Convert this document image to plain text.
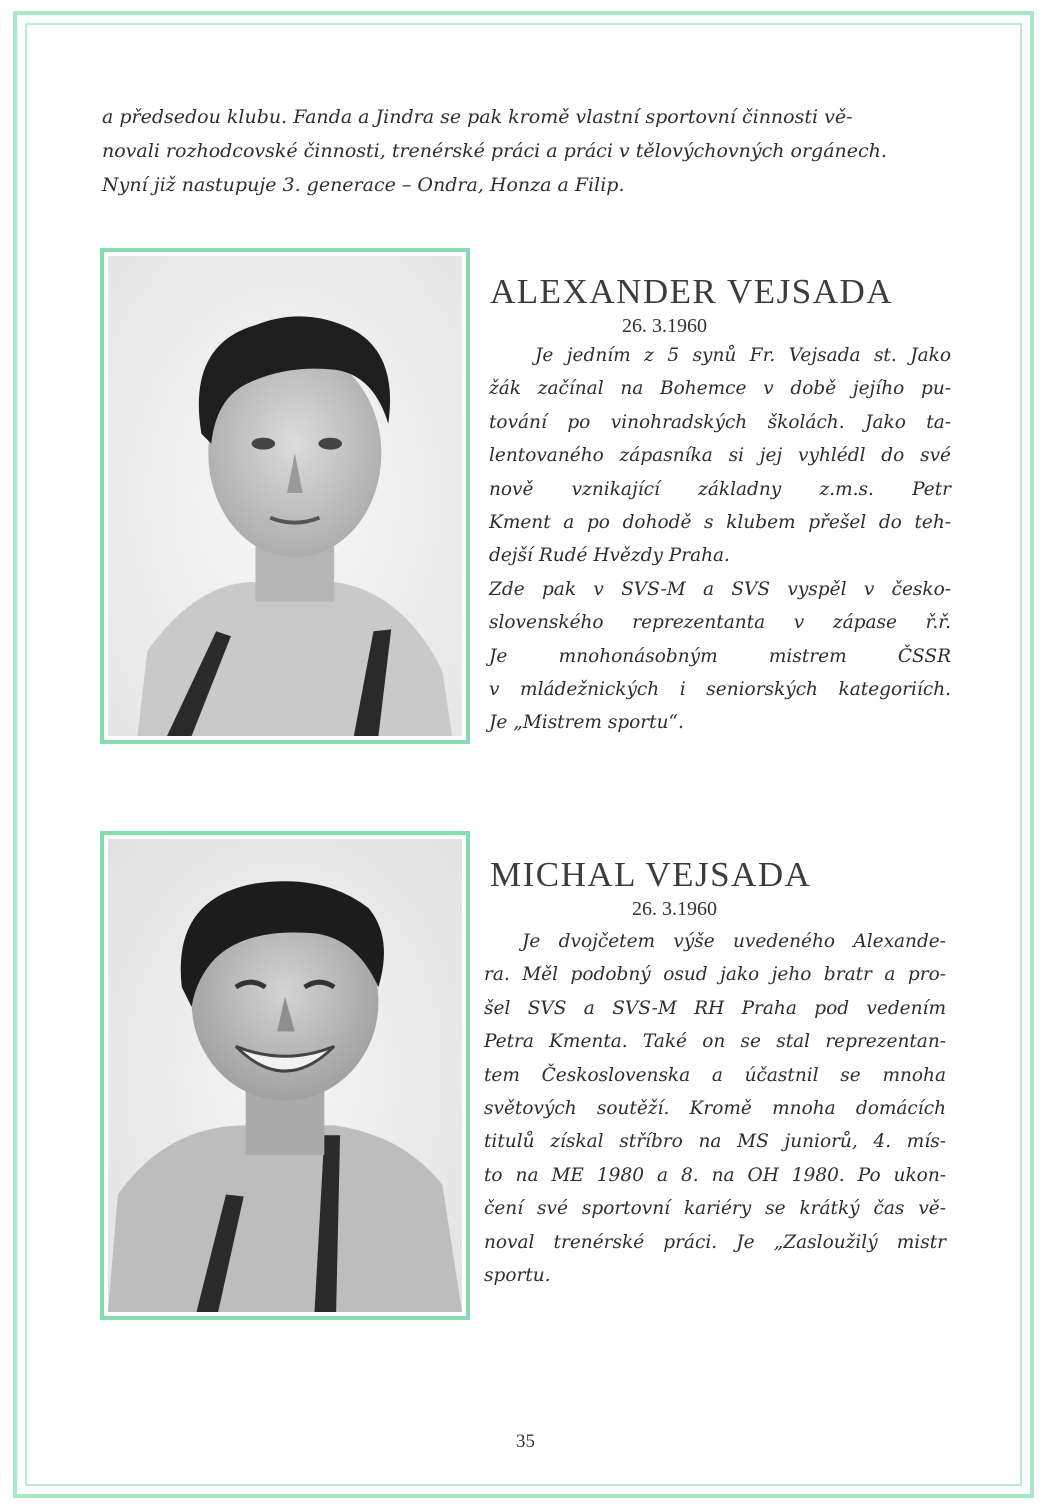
a předsedou klubu. Fanda a Jindra se pak kromě vlastní sportovní činnosti vě-

novali rozhodcovské činnosti, trenérské práci a práci v tělovýchovných orgánech.

Nyní již nastupuje 3. generace – Ondra, Honza a Filip.

ALEXANDER VEJSADA
26. 3.1960

Je jedním z 5 synů Fr. Vejsada st. Jako

žák začínal na Bohemce v době jejího pu-

tování po vinohradských školách. Jako ta-

lentovaného zápasníka si jej vyhlédl do své

nově vznikající základny z.m.s. Petr

Kment a po dohodě s klubem přešel do teh-

dejší Rudé Hvězdy Praha.

Zde pak v SVS-M a SVS vyspěl v česko-

slovenského reprezentanta v zápase ř.ř.

Je mnohonásobným mistrem ČSSR

v mládežnických i seniorských kategoriích.

Je „Mistrem sportu“.

MICHAL VEJSADA
26. 3.1960

Je dvojčetem výše uvedeného Alexande-

ra. Měl podobný osud jako jeho bratr a pro-

šel SVS a SVS-M RH Praha pod vedením

Petra Kmenta. Také on se stal reprezentan-

tem Československa a účastnil se mnoha

světových soutěží. Kromě mnoha domácích

titulů získal stříbro na MS juniorů, 4. mís-

to na ME 1980 a 8. na OH 1980. Po ukon-

čení své sportovní kariéry se krátký čas vě-

noval trenérské práci. Je „Zasloužilý mistr

sportu.

35
